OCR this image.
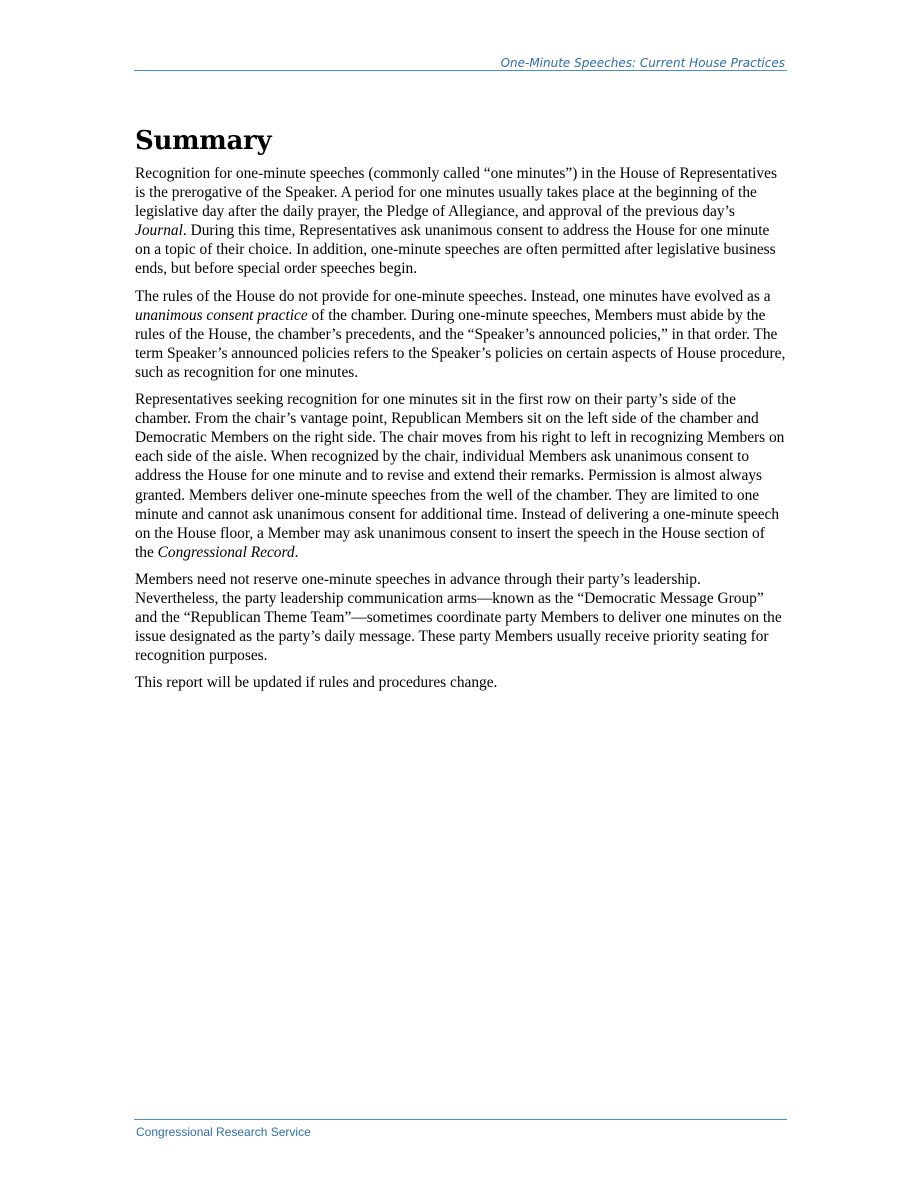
One-Minute Speeches: Current House Practices
Summary

Recognition for one-minute speeches (commonly called “one minutes”) in the House of Representatives is the prerogative of the Speaker. A period for one minutes usually takes place at the beginning of the legislative day after the daily prayer, the Pledge of Allegiance, and approval of the previous day’s Journal. During this time, Representatives ask unanimous consent to address the House for one minute on a topic of their choice. In addition, one-minute speeches are often permitted after legislative business ends, but before special order speeches begin.

The rules of the House do not provide for one-minute speeches. Instead, one minutes have evolved as a unanimous consent practice of the chamber. During one-minute speeches, Members must abide by the rules of the House, the chamber’s precedents, and the “Speaker’s announced policies,” in that order. The term Speaker’s announced policies refers to the Speaker’s policies on certain aspects of House procedure, such as recognition for one minutes.

Representatives seeking recognition for one minutes sit in the first row on their party’s side of the chamber. From the chair’s vantage point, Republican Members sit on the left side of the chamber and Democratic Members on the right side. The chair moves from his right to left in recognizing Members on each side of the aisle. When recognized by the chair, individual Members ask unanimous consent to address the House for one minute and to revise and extend their remarks. Permission is almost always granted. Members deliver one-minute speeches from the well of the chamber. They are limited to one minute and cannot ask unanimous consent for additional time. Instead of delivering a one-minute speech on the House floor, a Member may ask unanimous consent to insert the speech in the House section of the Congressional Record.

Members need not reserve one-minute speeches in advance through their party’s leadership. Nevertheless, the party leadership communication arms—known as the “Democratic Message Group” and the “Republican Theme Team”—sometimes coordinate party Members to deliver one minutes on the issue designated as the party’s daily message. These party Members usually receive priority seating for recognition purposes.

This report will be updated if rules and procedures change.

Congressional Research Service
